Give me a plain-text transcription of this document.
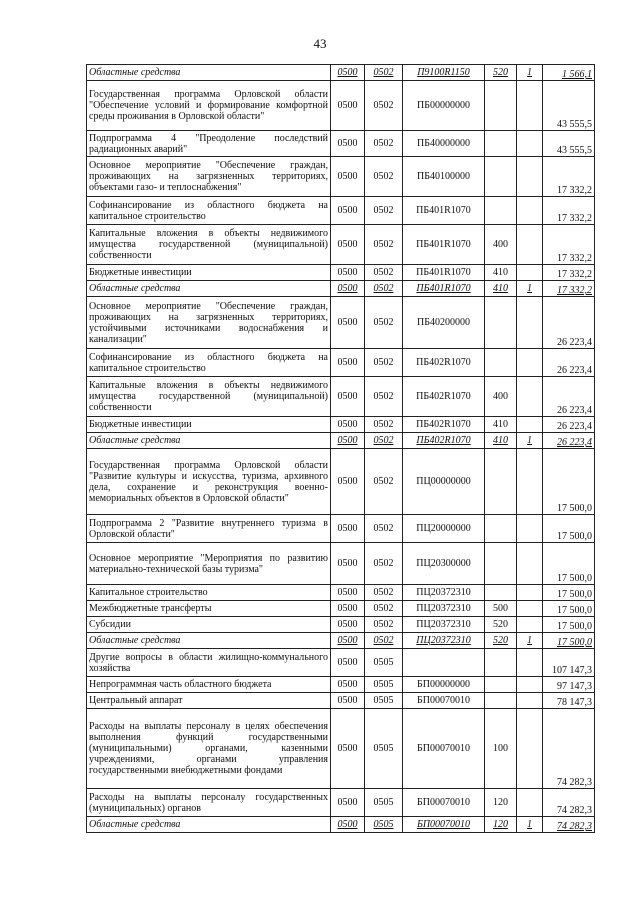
43
Областные средства	0500	0502	П9100R1150	520	1	1 566,1
Государственная программа Орловской области "Обеспечение условий и формирование комфортной среды проживания в Орловской области"	0500	0502	ПБ00000000			43 555,5
Подпрограмма 4 "Преодоление последствий радиационных аварий"	0500	0502	ПБ40000000			43 555,5
Основное мероприятие "Обеспечение граждан, проживающих на загрязненных территориях, объектами газо- и теплоснабжения"	0500	0502	ПБ40100000			17 332,2
Софинансирование из областного бюджета на капитальное строительство	0500	0502	ПБ401R1070			17 332,2
Капитальные вложения в объекты недвижимого имущества государственной (муниципальной) собственности	0500	0502	ПБ401R1070	400		17 332,2
Бюджетные инвестиции	0500	0502	ПБ401R1070	410		17 332,2
Областные средства	0500	0502	ПБ401R1070	410	1	17 332,2
Основное мероприятие "Обеспечение граждан, проживающих на загрязненных территориях, устойчивыми источниками водоснабжения и канализации"	0500	0502	ПБ40200000			26 223,4
Софинансирование из областного бюджета на капитальное строительство	0500	0502	ПБ402R1070			26 223,4
Капитальные вложения в объекты недвижимого имущества государственной (муниципальной) собственности	0500	0502	ПБ402R1070	400		26 223,4
Бюджетные инвестиции	0500	0502	ПБ402R1070	410		26 223,4
Областные средства	0500	0502	ПБ402R1070	410	1	26 223,4
Государственная программа Орловской области "Развитие культуры и искусства, туризма, архивного дела, сохранение и реконструкция военно-мемориальных объектов в Орловской области"	0500	0502	ПЦ00000000			17 500,0
Подпрограмма 2 "Развитие внутреннего туризма в Орловской области"	0500	0502	ПЦ20000000			17 500,0
Основное мероприятие "Мероприятия по развитию материально-технической базы туризма"	0500	0502	ПЦ20300000			17 500,0
Капитальное строительство	0500	0502	ПЦ20372310			17 500,0
Межбюджетные трансферты	0500	0502	ПЦ20372310	500		17 500,0
Субсидии	0500	0502	ПЦ20372310	520		17 500,0
Областные средства	0500	0502	ПЦ20372310	520	1	17 500,0
Другие вопросы в области жилищно-коммунального хозяйства	0500	0505				107 147,3
Непрограммная часть областного бюджета	0500	0505	БП00000000			97 147,3
Центральный аппарат	0500	0505	БП00070010			78 147,3
Расходы на выплаты персоналу в целях обеспечения выполнения функций государственными (муниципальными) органами, казенными учреждениями, органами управления государственными внебюджетными фондами	0500	0505	БП00070010	100		74 282,3
Расходы на выплаты персоналу государственных (муниципальных) органов	0500	0505	БП00070010	120		74 282,3
Областные средства	0500	0505	БП00070010	120	1	74 282,3
